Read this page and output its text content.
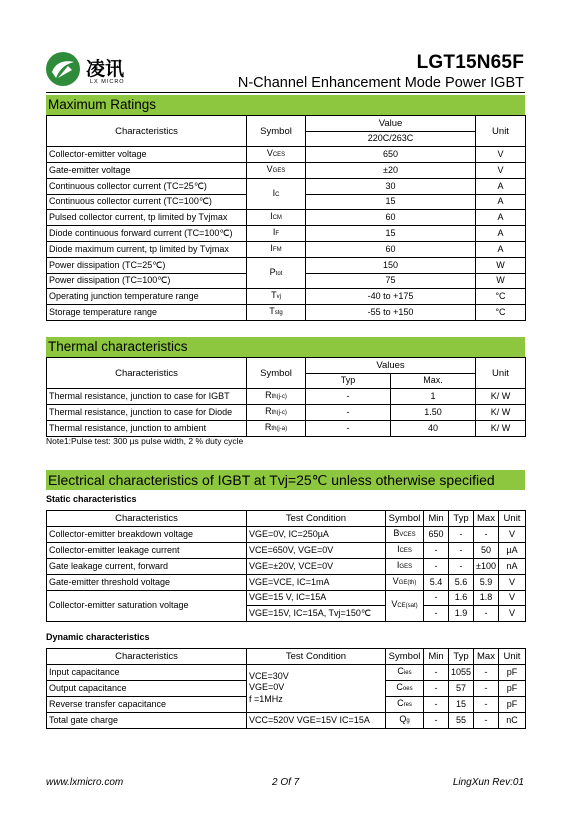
凌讯
LX MICRO
LGT15N65F
N-Channel Enhancement Mode Power IGBT
Maximum Ratings
Characteristics	Symbol	Value	Unit
		220C/263C	
Collector-emitter voltage	VCES	650	V
Gate-emitter voltage	VGES	±20	V
Continuous collector current (TC=25℃)	IC	30	A
Continuous collector current (TC=100℃)		15	A
Pulsed collector current, tp limited by Tvjmax	ICM	60	A
Diode continuous forward current (TC=100℃)	IF	15	A
Diode maximum current, tp limited by Tvjmax	IFM	60	A
Power dissipation (TC=25℃)	Ptot	150	W
Power dissipation (TC=100℃)		75	W
Operating junction temperature range	Tvj	-40 to +175	°C
Storage temperature range	Tstg	-55 to +150	°C
Thermal characteristics
Characteristics	Symbol	Values		Unit
		Typ	Max.	
Thermal resistance, junction to case for IGBT	Rth(j-c)	-	1	K/ W
Thermal resistance, junction to case for Diode	Rth(j-c)	-	1.50	K/ W
Thermal resistance, junction to ambient	Rth(j-a)	-	40	K/ W
Note1:Pulse test: 300 µs pulse width, 2 % duty cycle
Electrical characteristics of IGBT at Tvj=25℃ unless otherwise specified
Static characteristics
Characteristics	Test Condition	Symbol	Min	Typ	Max	Unit
Collector-emitter breakdown voltage	VGE=0V, IC=250µA	BVCES	650	-	-	V
Collector-emitter leakage current	VCE=650V, VGE=0V	ICES	-	-	50	µA
Gate leakage current, forward	VGE=±20V, VCE=0V	IGES	-	-	±100	nA
Gate-emitter threshold voltage	VGE=VCE, IC=1mA	VGE(th)	5.4	5.6	5.9	V
Collector-emitter saturation voltage	VGE=15 V, IC=15A	VCE(sat)	-	1.6	1.8	V
	VGE=15V, IC=15A, Tvj=150℃		-	1.9	-	V
Dynamic characteristics
Characteristics	Test Condition	Symbol	Min	Typ	Max	Unit
Input capacitance	VCE=30V
VGE=0V
f =1MHz	Cies	-	1055	-	pF
Output capacitance		Coes	-	57	-	pF
Reverse transfer capacitance		Cres	-	15	-	pF
Total gate charge	VCC=520V VGE=15V IC=15A	Qg	-	55	-	nC
www.lxmicro.com	2 Of 7	LingXun Rev:01
